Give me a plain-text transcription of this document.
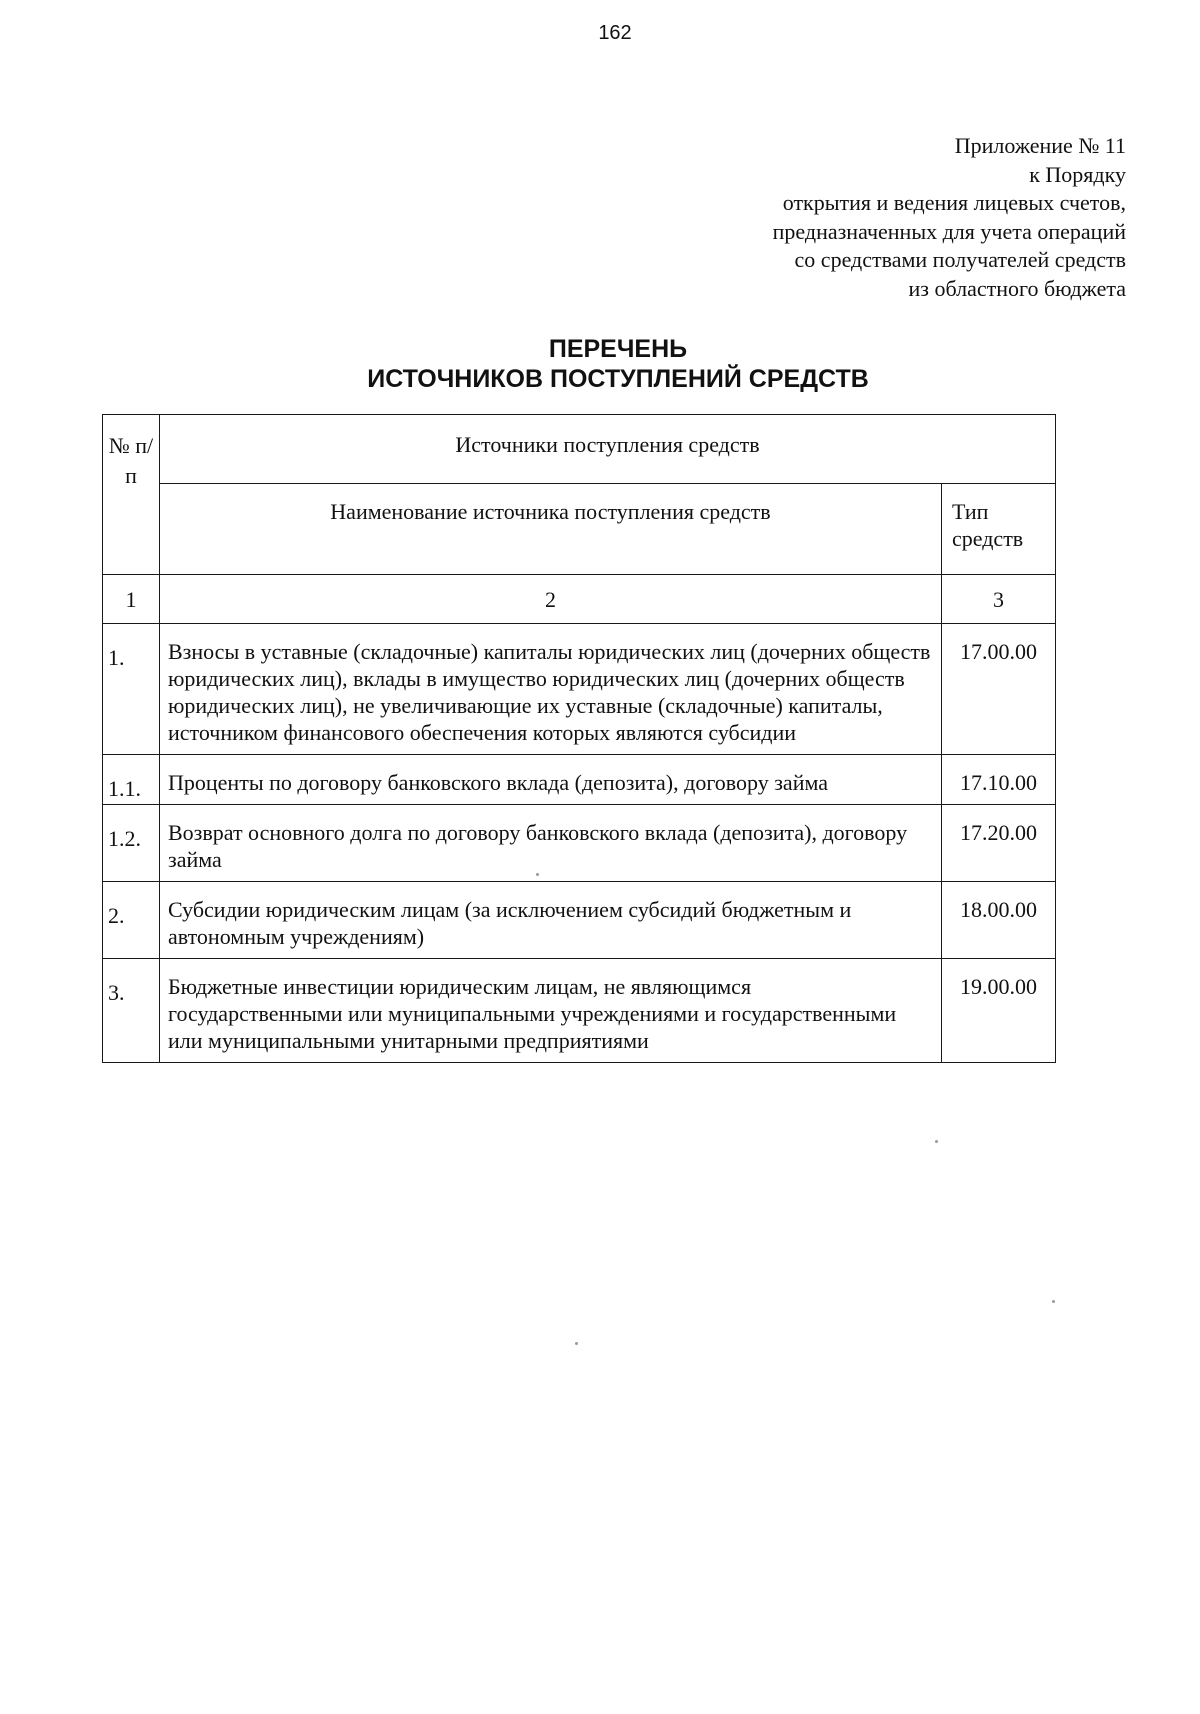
162
Приложение № 11
к Порядку
открытия и ведения лицевых счетов,
предназначенных для учета операций
со средствами получателей средств
из областного бюджета
ПЕРЕЧЕНЬ
ИСТОЧНИКОВ ПОСТУПЛЕНИЙ СРЕДСТВ
№ п/п	Источники поступления средств	
	Наименование источника поступления средств	Тип средств
1	2	3
1.	Взносы в уставные (складочные) капиталы юридических лиц (дочерних обществ юридических лиц), вклады в имущество юридических лиц (дочерних обществ юридических лиц), не увеличивающие их уставные (складочные) капиталы, источником финансового обеспечения которых являются субсидии	17.00.00
1.1.	Проценты по договору банковского вклада (депозита), договору займа	17.10.00
1.2.	Возврат основного долга по договору банковского вклада (депозита), договору займа	17.20.00
2.	Субсидии юридическим лицам (за исключением субсидий бюджетным и автономным учреждениям)	18.00.00
3.	Бюджетные инвестиции юридическим лицам, не являющимся государственными или муниципальными учреждениями и государственными или муниципальными унитарными предприятиями	19.00.00
